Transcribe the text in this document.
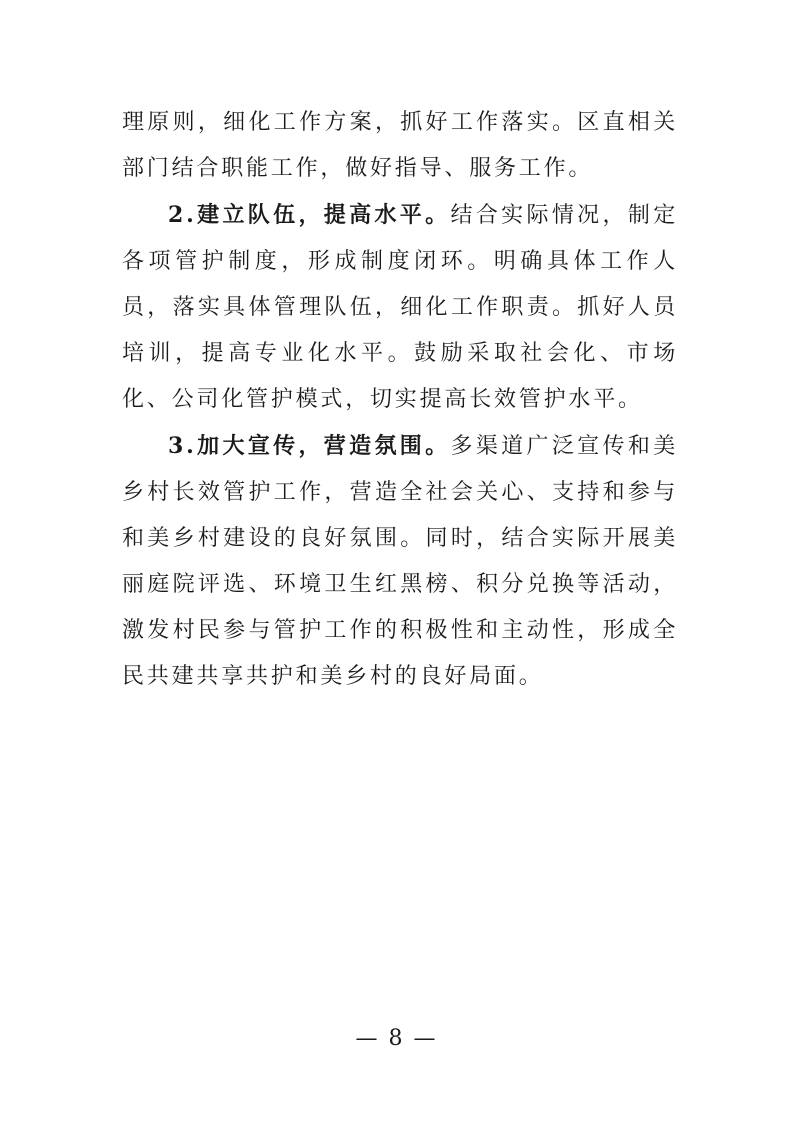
理原则，细化工作方案，抓好工作落实。区直相关部门结合职能工作，做好指导、服务工作。

2.建立队伍，提高水平。结合实际情况，制定各项管护制度，形成制度闭环。明确具体工作人员，落实具体管理队伍，细化工作职责。抓好人员培训，提高专业化水平。鼓励采取社会化、市场化、公司化管护模式，切实提高长效管护水平。

3.加大宣传，营造氛围。多渠道广泛宣传和美乡村长效管护工作，营造全社会关心、支持和参与和美乡村建设的良好氛围。同时，结合实际开展美丽庭院评选、环境卫生红黑榜、积分兑换等活动，激发村民参与管护工作的积极性和主动性，形成全民共建共享共护和美乡村的良好局面。

— 8 —
